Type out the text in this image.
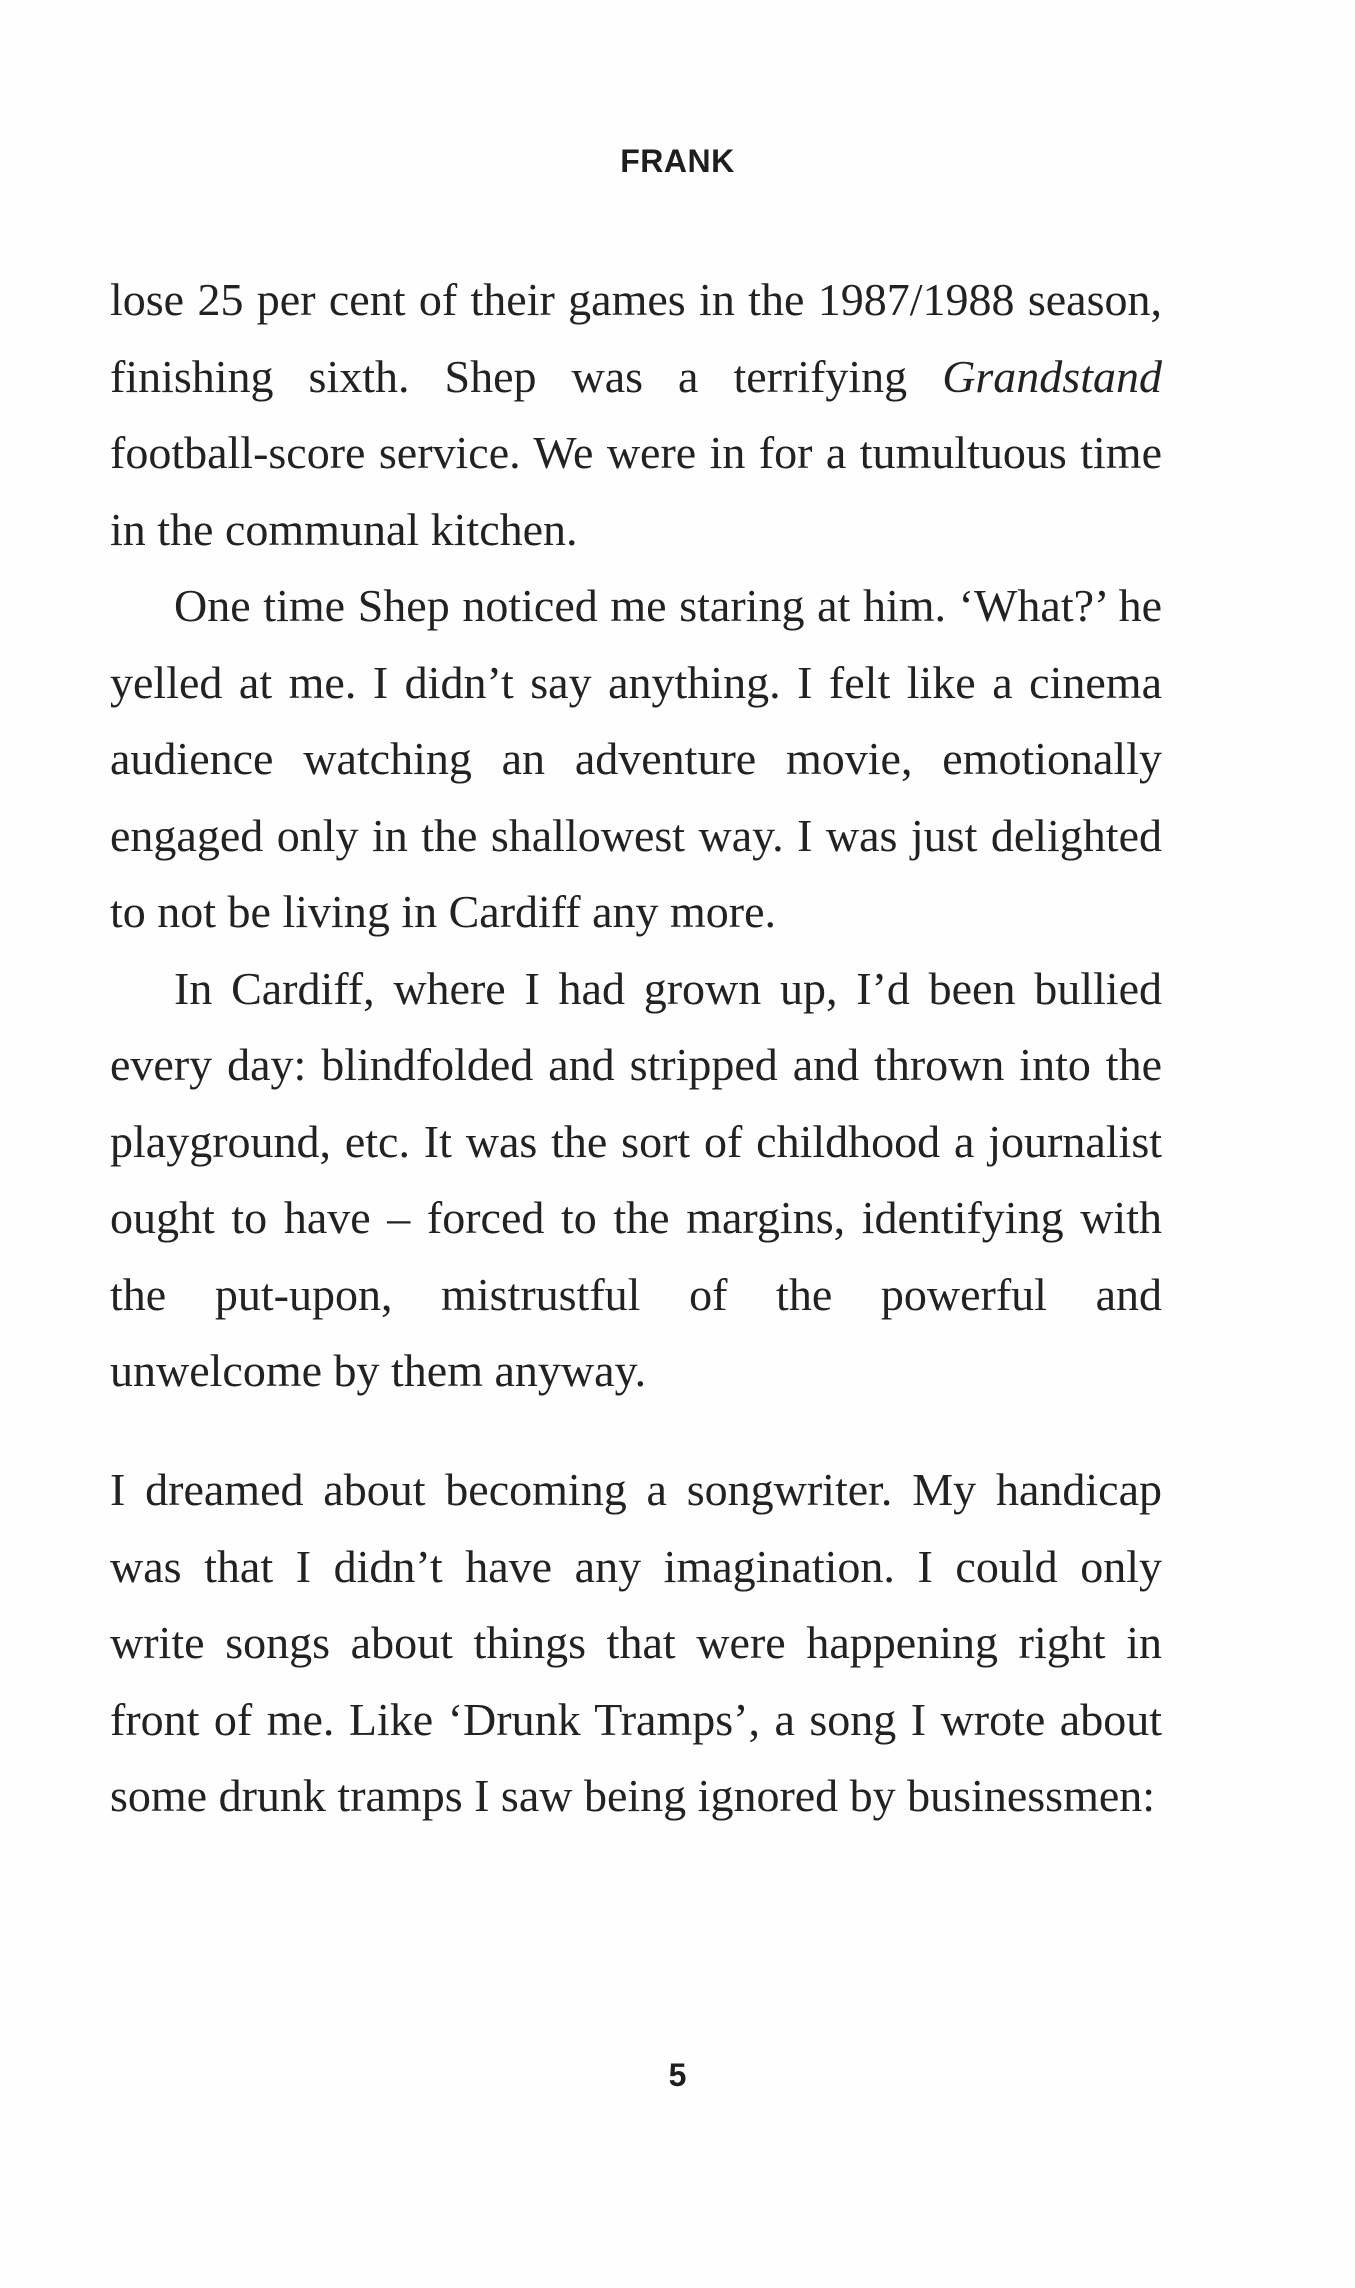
FRANK

lose 25 per cent of their games in the 1987/1988 season, finishing sixth. Shep was a terrifying Grandstand football-score service. We were in for a tumultuous time in the communal kitchen.

One time Shep noticed me staring at him. ‘What?’ he yelled at me. I didn’t say anything. I felt like a cinema audience watching an adventure movie, emotionally engaged only in the shallowest way. I was just delighted to not be living in Cardiff any more.

In Cardiff, where I had grown up, I’d been bullied every day: blindfolded and stripped and thrown into the playground, etc. It was the sort of childhood a journalist ought to have – forced to the margins, identifying with the put-upon, mistrustful of the powerful and unwelcome by them anyway.

I dreamed about becoming a songwriter. My handicap was that I didn’t have any imagination. I could only write songs about things that were happening right in front of me. Like ‘Drunk Tramps’, a song I wrote about some drunk tramps I saw being ignored by businessmen:

5
